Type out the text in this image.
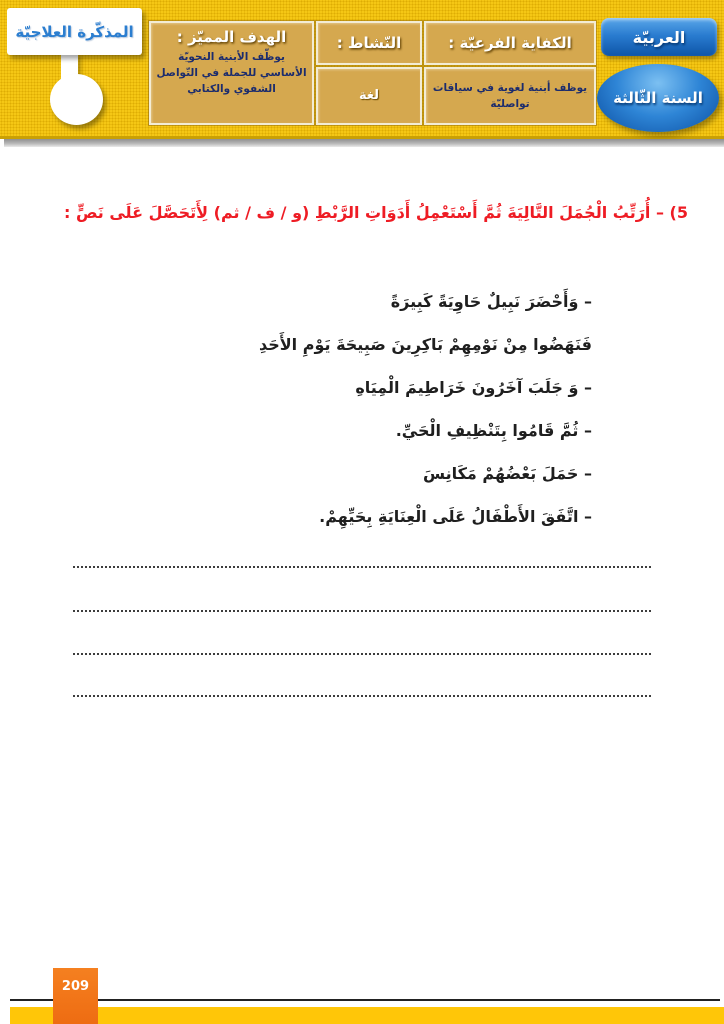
المذكّرة العلاجيّة
الكفاية الفرعيّة :
يوظف أبنية لغوية في سياقات تواصليّة
النّشاط :
لغة
الهدف المميّز :
يوظّف الأبنية النحويّة الأساسي للجملة في التّواصل الشفوي والكتابي
العربيّة
السنة الثّالثة
5) – أُرَتِّبُ الْجُمَلَ التَّالِيَةَ ثُمَّ أَسْتَعْمِلُ أَدَوَاتِ الرَّبْطِ (و / ف / ثم) لِأَتَحَصَّلَ عَلَى نَصٍّ :
– وَأَحْضَرَ نَبِيلٌ حَاوِيَةً كَبِيرَةً
فَنَهَضُوا مِنْ نَوْمِهِمْ بَاكِرِينَ صَبِيحَةَ يَوْمِ الأَحَدِ
– وَ جَلَبَ آخَرُونَ خَرَاطِيمَ الْمِيَاهِ
– ثُمَّ قَامُوا بِتَنْظِيفِ الْحَيِّ.
– حَمَلَ بَعْضُهُمْ مَكَانِسَ
– اتَّفَقَ الأَطْفَالُ عَلَى الْعِنَايَةِ بِحَيِّهِمْ.
209
